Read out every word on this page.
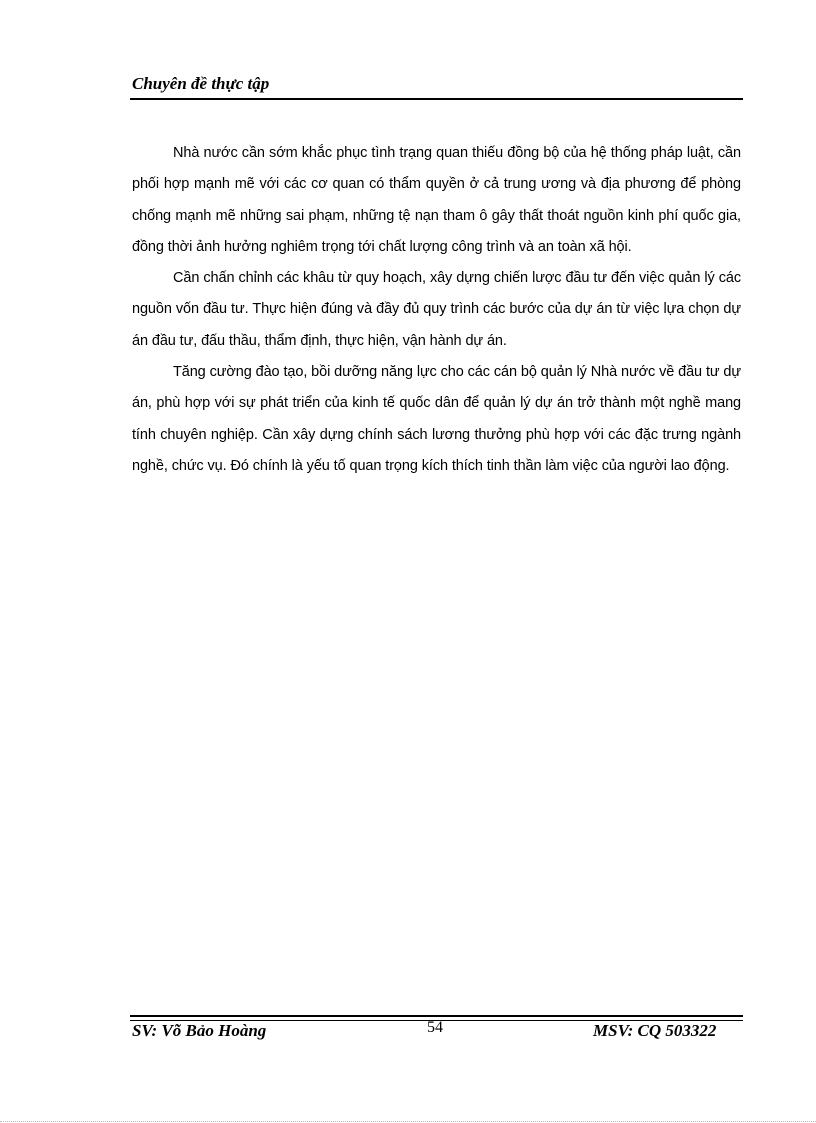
Chuyên đề thực tập

Nhà nước cần sớm khắc phục tình trạng quan thiếu đồng bộ của hệ thống pháp luật, cần phối hợp mạnh mẽ với các cơ quan có thẩm quyền ở cả trung ương và địa phương để phòng chống mạnh mẽ những sai phạm, những tệ nạn tham ô gây thất thoát nguồn kinh phí quốc gia, đồng thời ảnh hưởng nghiêm trọng tới chất lượng công trình và an toàn xã hội.

Cần chấn chỉnh các khâu từ quy hoạch, xây dựng chiến lược đầu tư đến việc quản lý các nguồn vốn đầu tư. Thực hiện đúng và đầy đủ quy trình các bước của dự án từ việc lựa chọn dự án đầu tư, đấu thầu, thẩm định, thực hiện, vận hành dự án.

Tăng cường đào tạo, bồi dưỡng năng lực cho các cán bộ quản lý Nhà nước về đầu tư dự án, phù hợp với sự phát triển của kinh tế quốc dân để quản lý dự án trở thành một nghề mang tính chuyên nghiệp. Cần xây dựng chính sách lương thưởng phù hợp với các đặc trưng ngành nghề, chức vụ. Đó chính là yếu tố quan trọng kích thích tinh thần làm việc của người lao động.

SV: Võ Bảo Hoàng	54	MSV: CQ 503322
